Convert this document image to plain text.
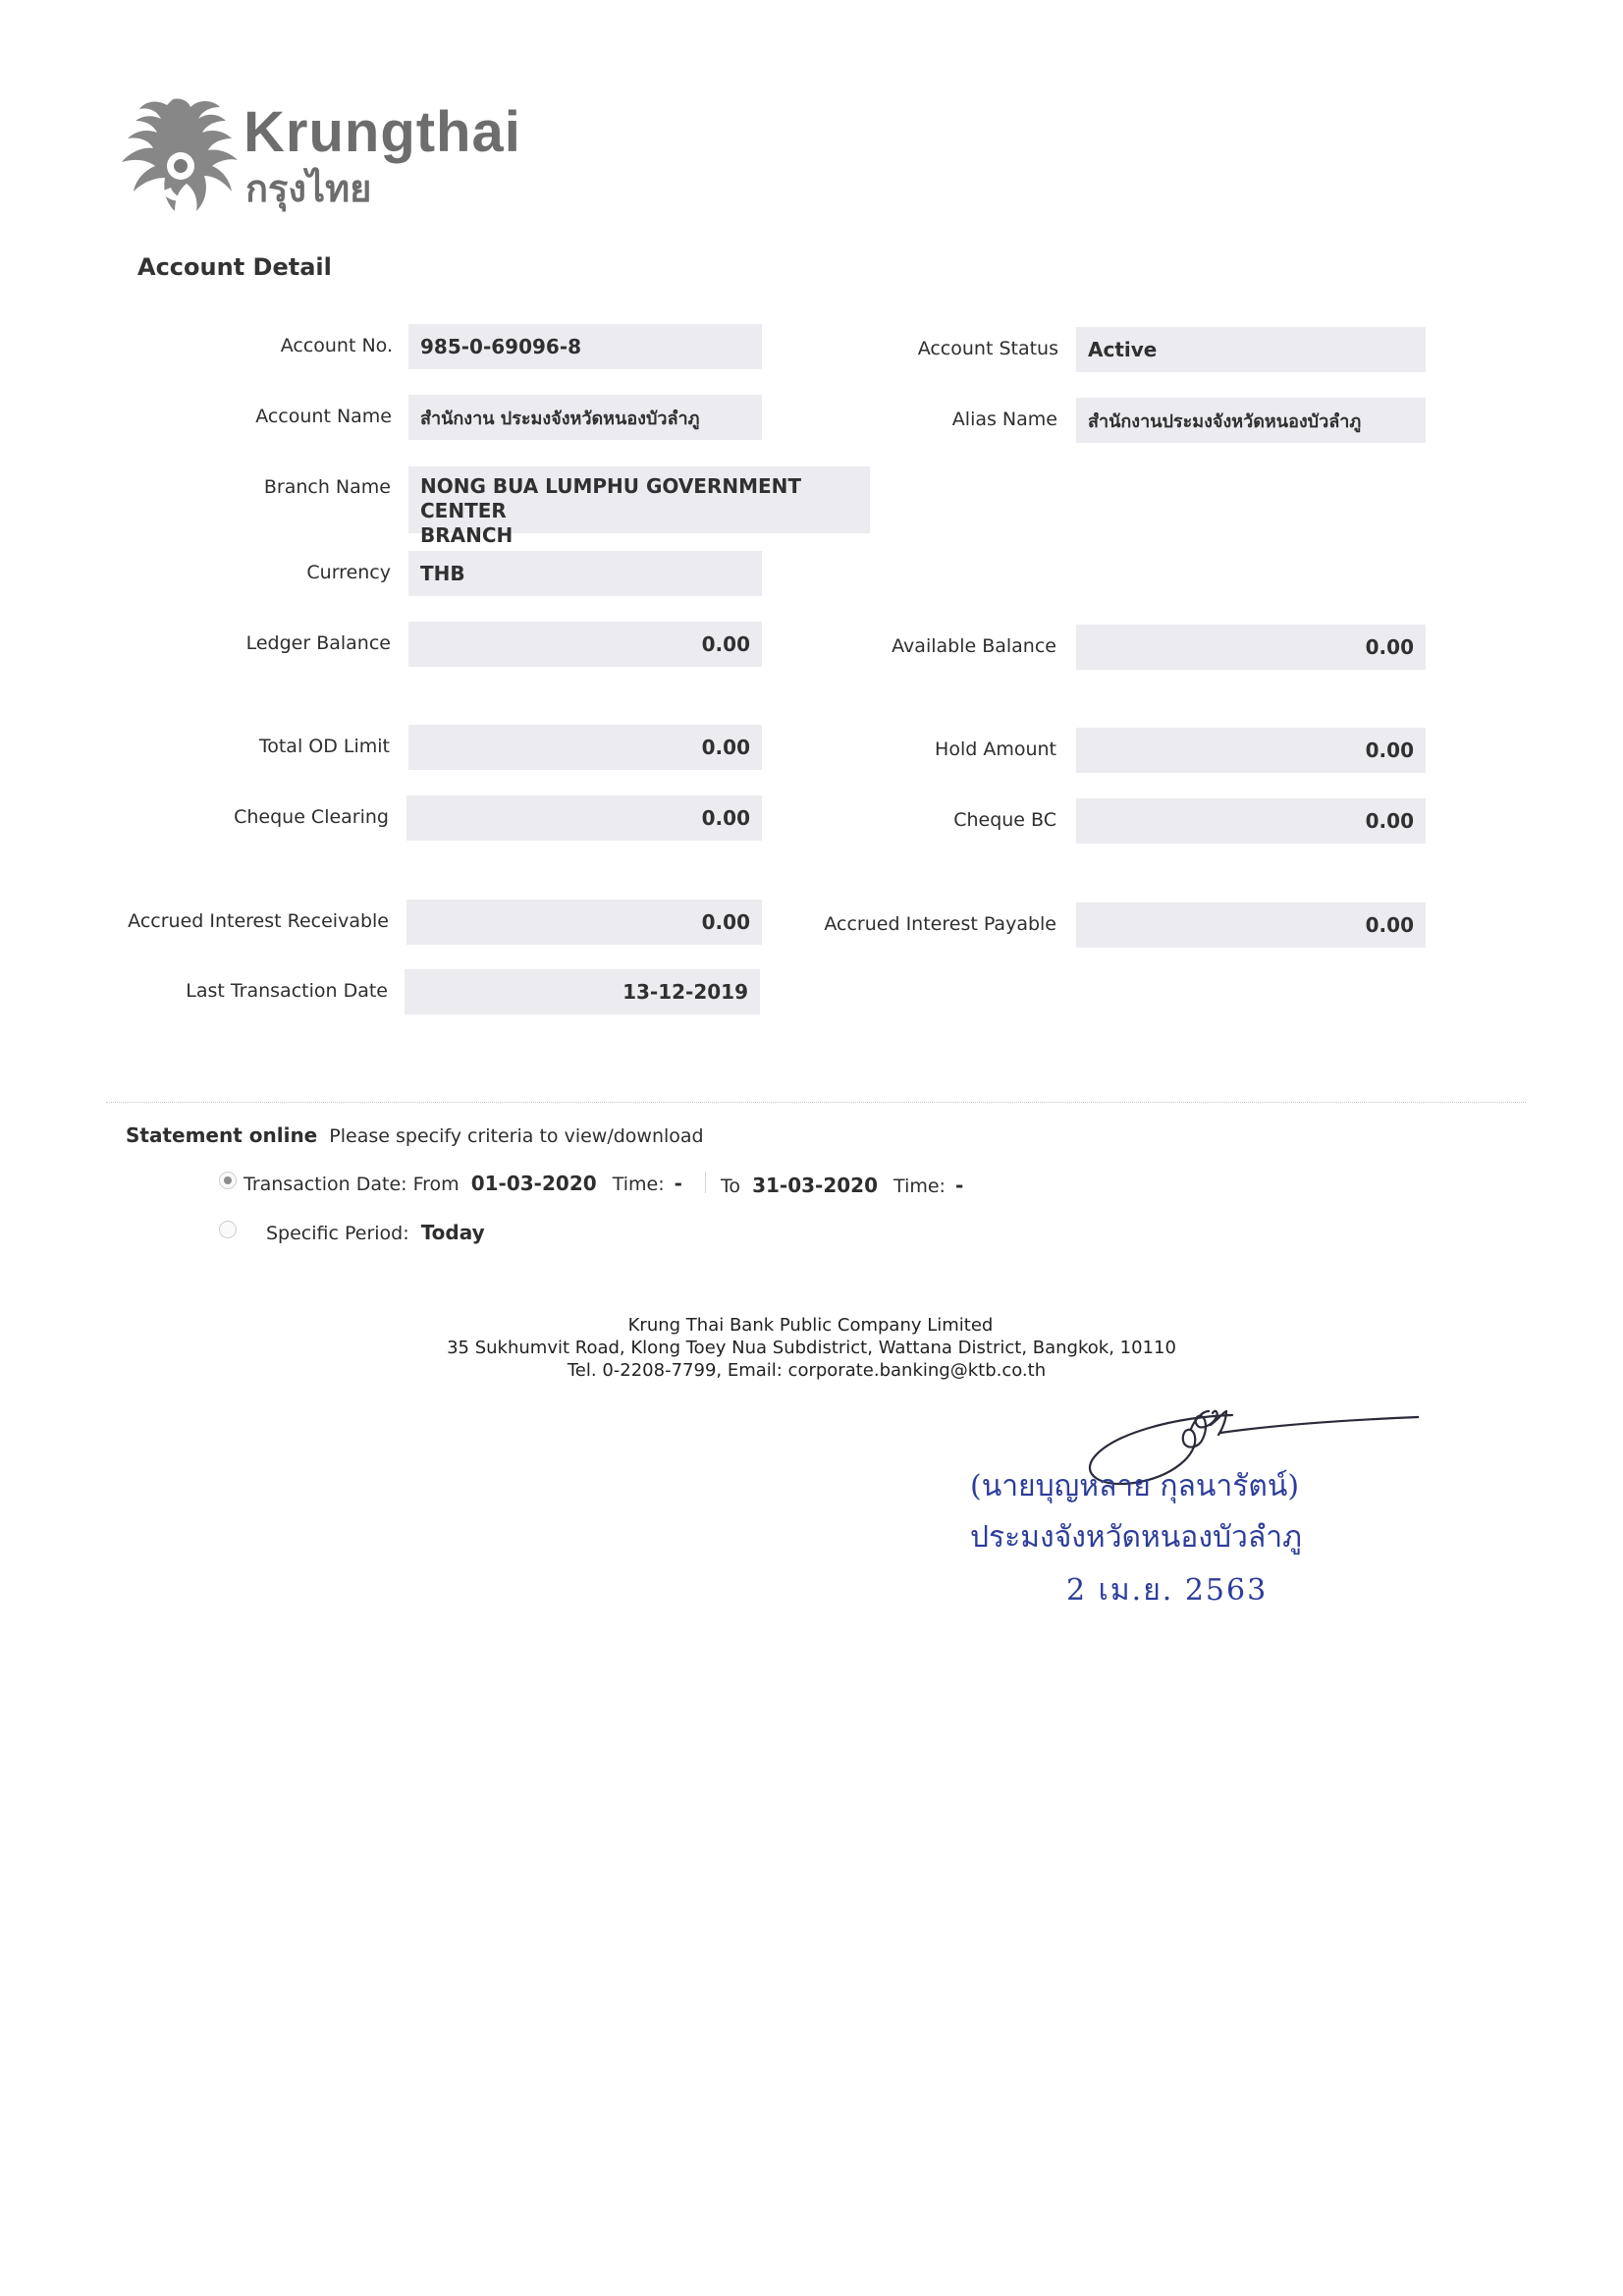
Krungthai
กรุงไทย
Account Detail
Account No. 985-0-69096-8	Account Status Active
Account Name สำนักงาน ประมงจังหวัดหนองบัวลำภู	Alias Name สำนักงานประมงจังหวัดหนองบัวลำภู
Branch Name NONG BUA LUMPHU GOVERNMENT CENTER
BRANCH
Currency THB
Ledger Balance	0.00	Available Balance	0.00
Total OD Limit	0.00	Hold Amount	0.00
Cheque Clearing	0.00	Cheque BC	0.00
Accrued Interest Receivable	0.00	Accrued Interest Payable	0.00
Last Transaction Date	13-12-2019
Statement online Please specify criteria to view/download
Transaction Date: From 01-03-2020 Time: - To 31-03-2020 Time: -
Specific Period: Today
Krung Thai Bank Public Company Limited
35 Sukhumvit Road, Klong Toey Nua Subdistrict, Wattana District, Bangkok, 10110
Tel. 0-2208-7799, Email: corporate.banking@ktb.co.th
(นายบุญหลาย กุลนารัตน์)
ประมงจังหวัดหนองบัวลำภู
2 เม.ย. 2563
